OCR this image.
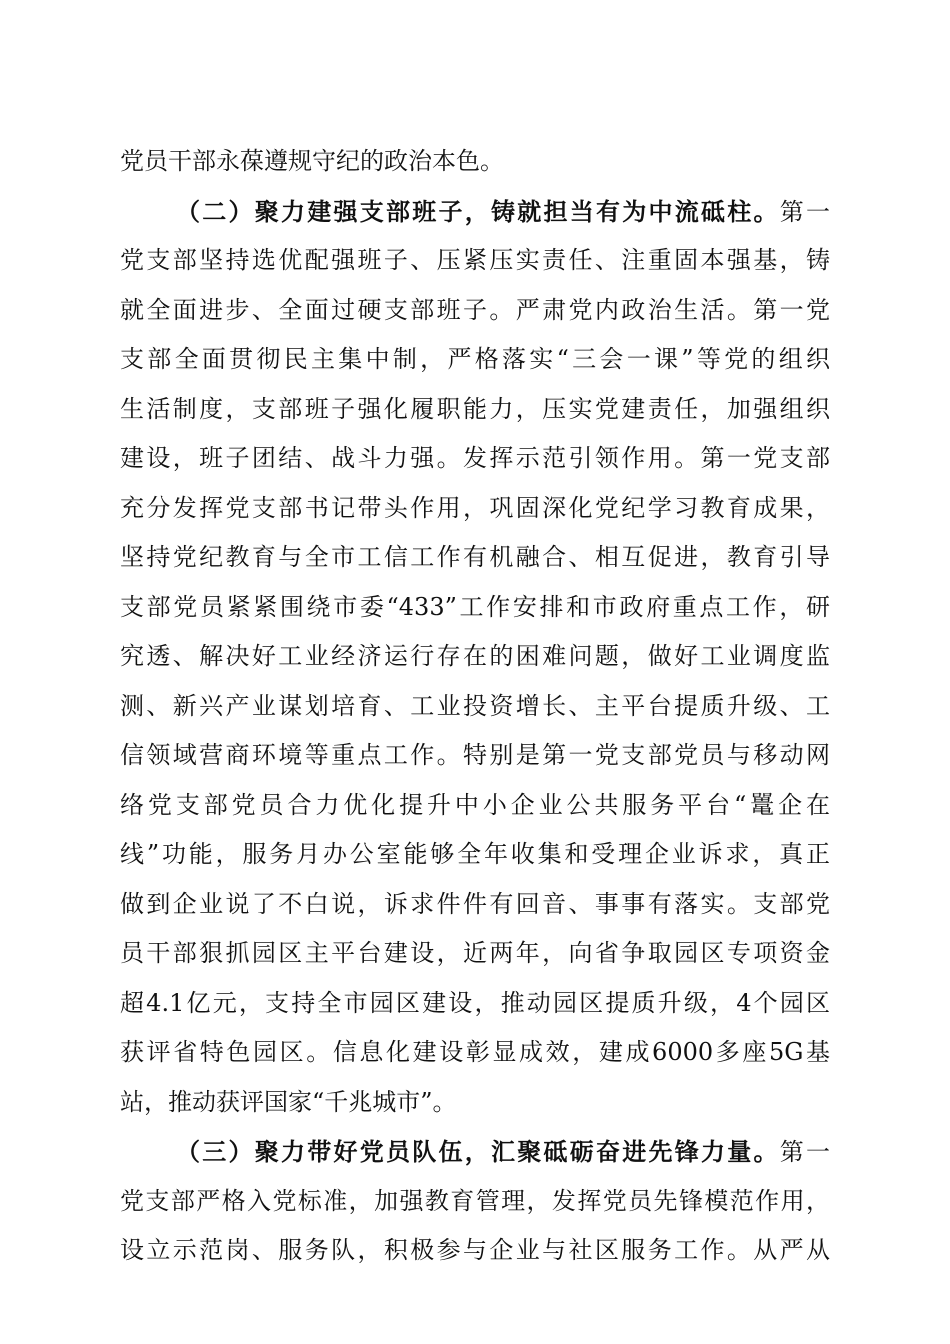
党员干部永葆遵规守纪的政治本色。
（二）聚力建强支部班子，铸就担当有为中流砥柱。第一
党支部坚持选优配强班子、压紧压实责任、注重固本强基，铸
就全面进步、全面过硬支部班子。严肃党内政治生活。第一党
支部全面贯彻民主集中制，严格落实“三会一课”等党的组织
生活制度，支部班子强化履职能力，压实党建责任，加强组织
建设，班子团结、战斗力强。发挥示范引领作用。第一党支部
充分发挥党支部书记带头作用，巩固深化党纪学习教育成果，
坚持党纪教育与全市工信工作有机融合、相互促进，教育引导
支部党员紧紧围绕市委“433”工作安排和市政府重点工作，研
究透、解决好工业经济运行存在的困难问题，做好工业调度监
测、新兴产业谋划培育、工业投资增长、主平台提质升级、工
信领域营商环境等重点工作。特别是第一党支部党员与移动网
络党支部党员合力优化提升中小企业公共服务平台“鼍企在
线”功能，服务月办公室能够全年收集和受理企业诉求，真正
做到企业说了不白说，诉求件件有回音、事事有落实。支部党
员干部狠抓园区主平台建设，近两年，向省争取园区专项资金
超4.1亿元，支持全市园区建设，推动园区提质升级，4个园区
获评省特色园区。信息化建设彰显成效，建成6000多座5G基
站，推动获评国家“千兆城市”。
（三）聚力带好党员队伍，汇聚砥砺奋进先锋力量。第一
党支部严格入党标准，加强教育管理，发挥党员先锋模范作用，
设立示范岗、服务队，积极参与企业与社区服务工作。从严从
